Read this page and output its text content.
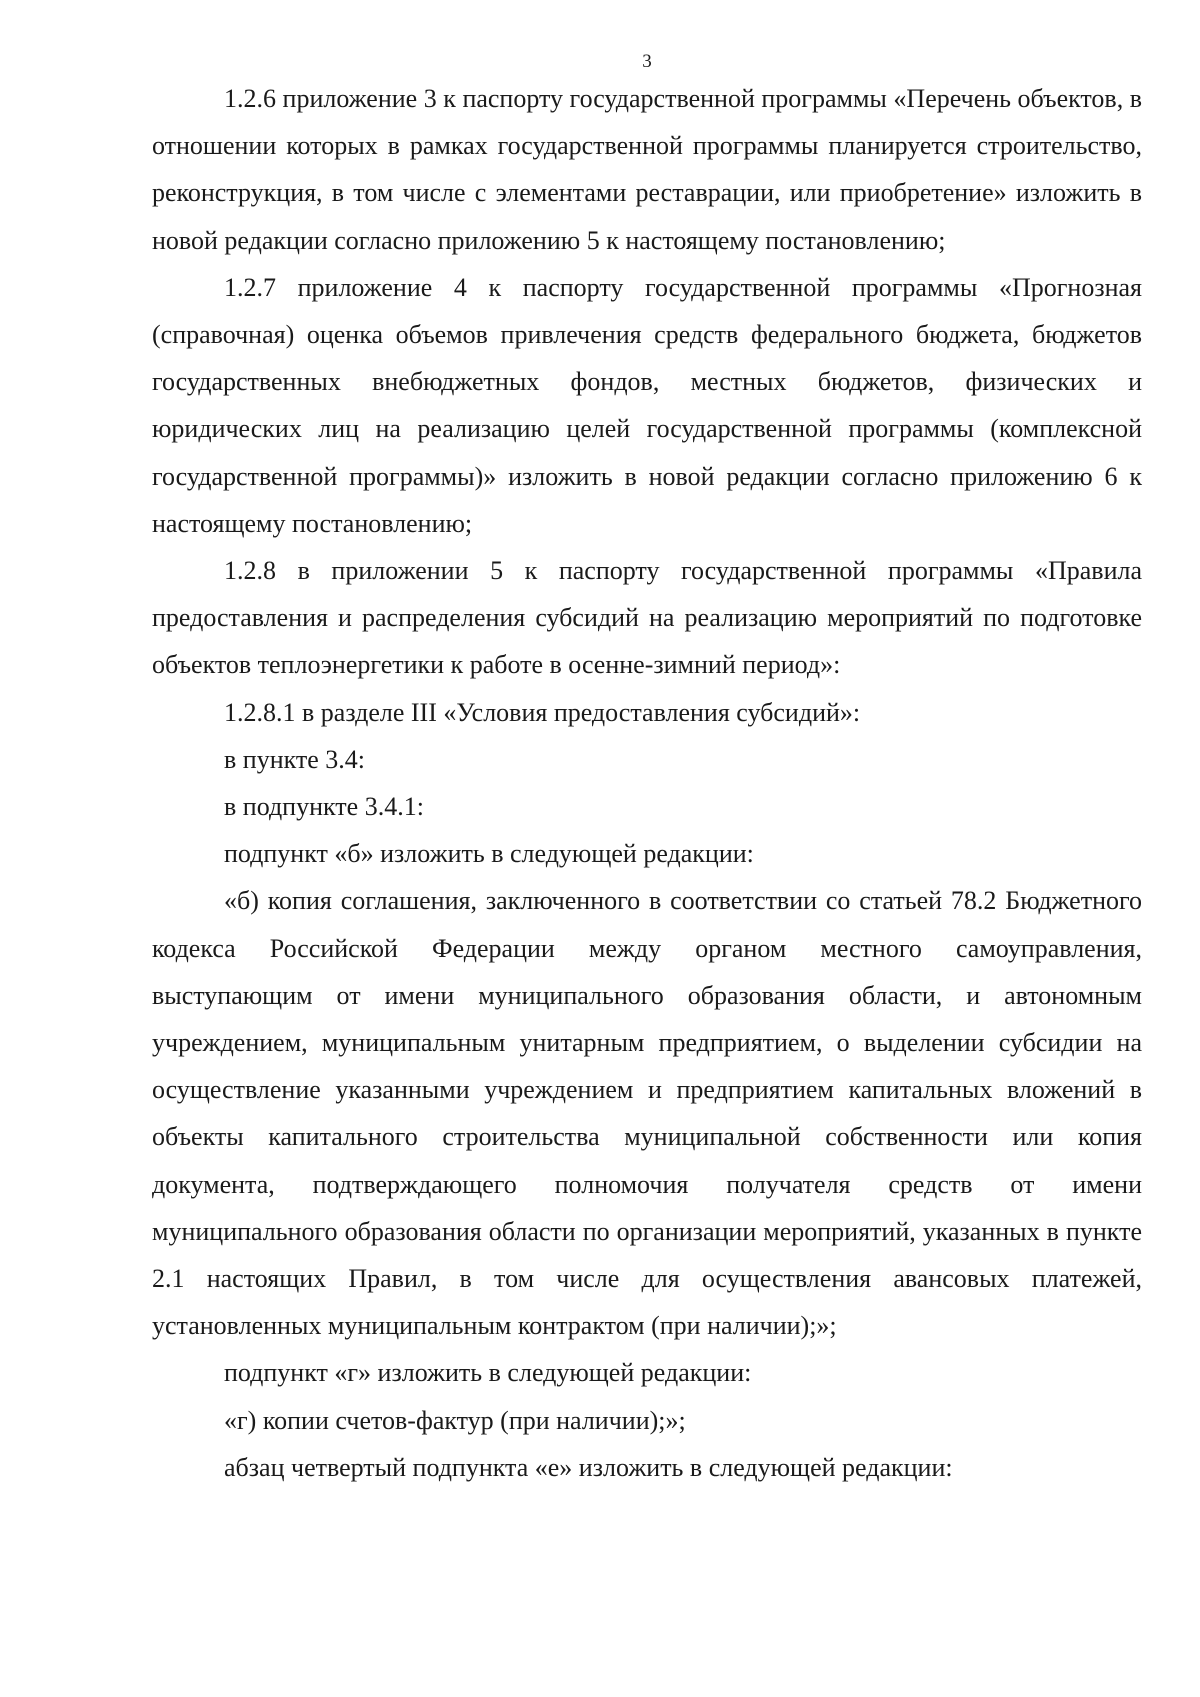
3

1.2.6 приложение 3 к паспорту государственной программы «Перечень объектов, в отношении которых в рамках государственной программы планируется строительство, реконструкция, в том числе с элементами реставрации, или приобретение» изложить в новой редакции согласно приложению 5 к настоящему постановлению;

1.2.7 приложение 4 к паспорту государственной программы «Прогнозная (справочная) оценка объемов привлечения средств федерального бюджета, бюджетов государственных внебюджетных фондов, местных бюджетов, физических и юридических лиц на реализацию целей государственной программы (комплексной государственной программы)» изложить в новой редакции согласно приложению 6 к настоящему постановлению;

1.2.8 в приложении 5 к паспорту государственной программы «Правила предоставления и распределения субсидий на реализацию мероприятий по подготовке объектов теплоэнергетики к работе в осенне-зимний период»:

1.2.8.1 в разделе III «Условия предоставления субсидий»:

в пункте 3.4:

в подпункте 3.4.1:

подпункт «б» изложить в следующей редакции:

«б) копия соглашения, заключенного в соответствии со статьей 78.2 Бюджетного кодекса Российской Федерации между органом местного самоуправления, выступающим от имени муниципального образования области, и автономным учреждением, муниципальным унитарным предприятием, о выделении субсидии на осуществление указанными учреждением и предприятием капитальных вложений в объекты капитального строительства муниципальной собственности или копия документа, подтверждающего полномочия получателя средств от имени муниципального образования области по организации мероприятий, указанных в пункте 2.1 настоящих Правил, в том числе для осуществления авансовых платежей, установленных муниципальным контрактом (при наличии);»;

подпункт «г» изложить в следующей редакции:

«г) копии счетов-фактур (при наличии);»;

абзац четвертый подпункта «е» изложить в следующей редакции:
